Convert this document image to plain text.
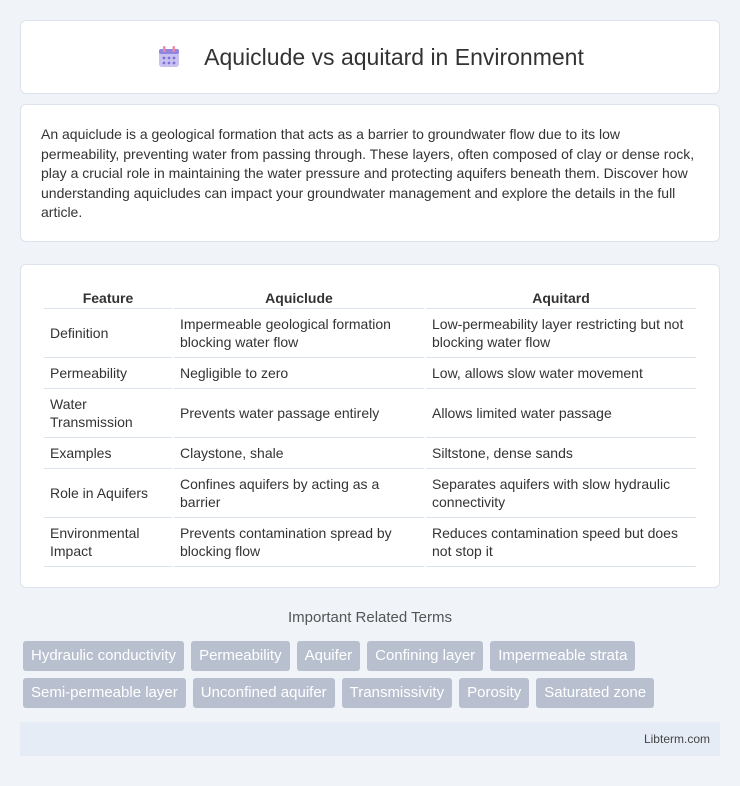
Aquiclude vs aquitard in Environment

An aquiclude is a geological formation that acts as a barrier to groundwater flow due to its low permeability, preventing water from passing through. These layers, often composed of clay or dense rock, play a crucial role in maintaining the water pressure and protecting aquifers beneath them. Discover how understanding aquicludes can impact your groundwater management and explore the details in the full article.

Feature	Aquiclude	Aquitard
Definition	Impermeable geological formation blocking water flow	Low-permeability layer restricting but not blocking water flow
Permeability	Negligible to zero	Low, allows slow water movement
Water Transmission	Prevents water passage entirely	Allows limited water passage
Examples	Claystone, shale	Siltstone, dense sands
Role in Aquifers	Confines aquifers by acting as a barrier	Separates aquifers with slow hydraulic connectivity
Environmental Impact	Prevents contamination spread by blocking flow	Reduces contamination speed but does not stop it
Important Related Terms
Hydraulic conductivity	Permeability	Aquifer	Confining layer	Impermeable strata
Semi-permeable layer	Unconfined aquifer	Transmissivity	Porosity	Saturated zone
Libterm.com
